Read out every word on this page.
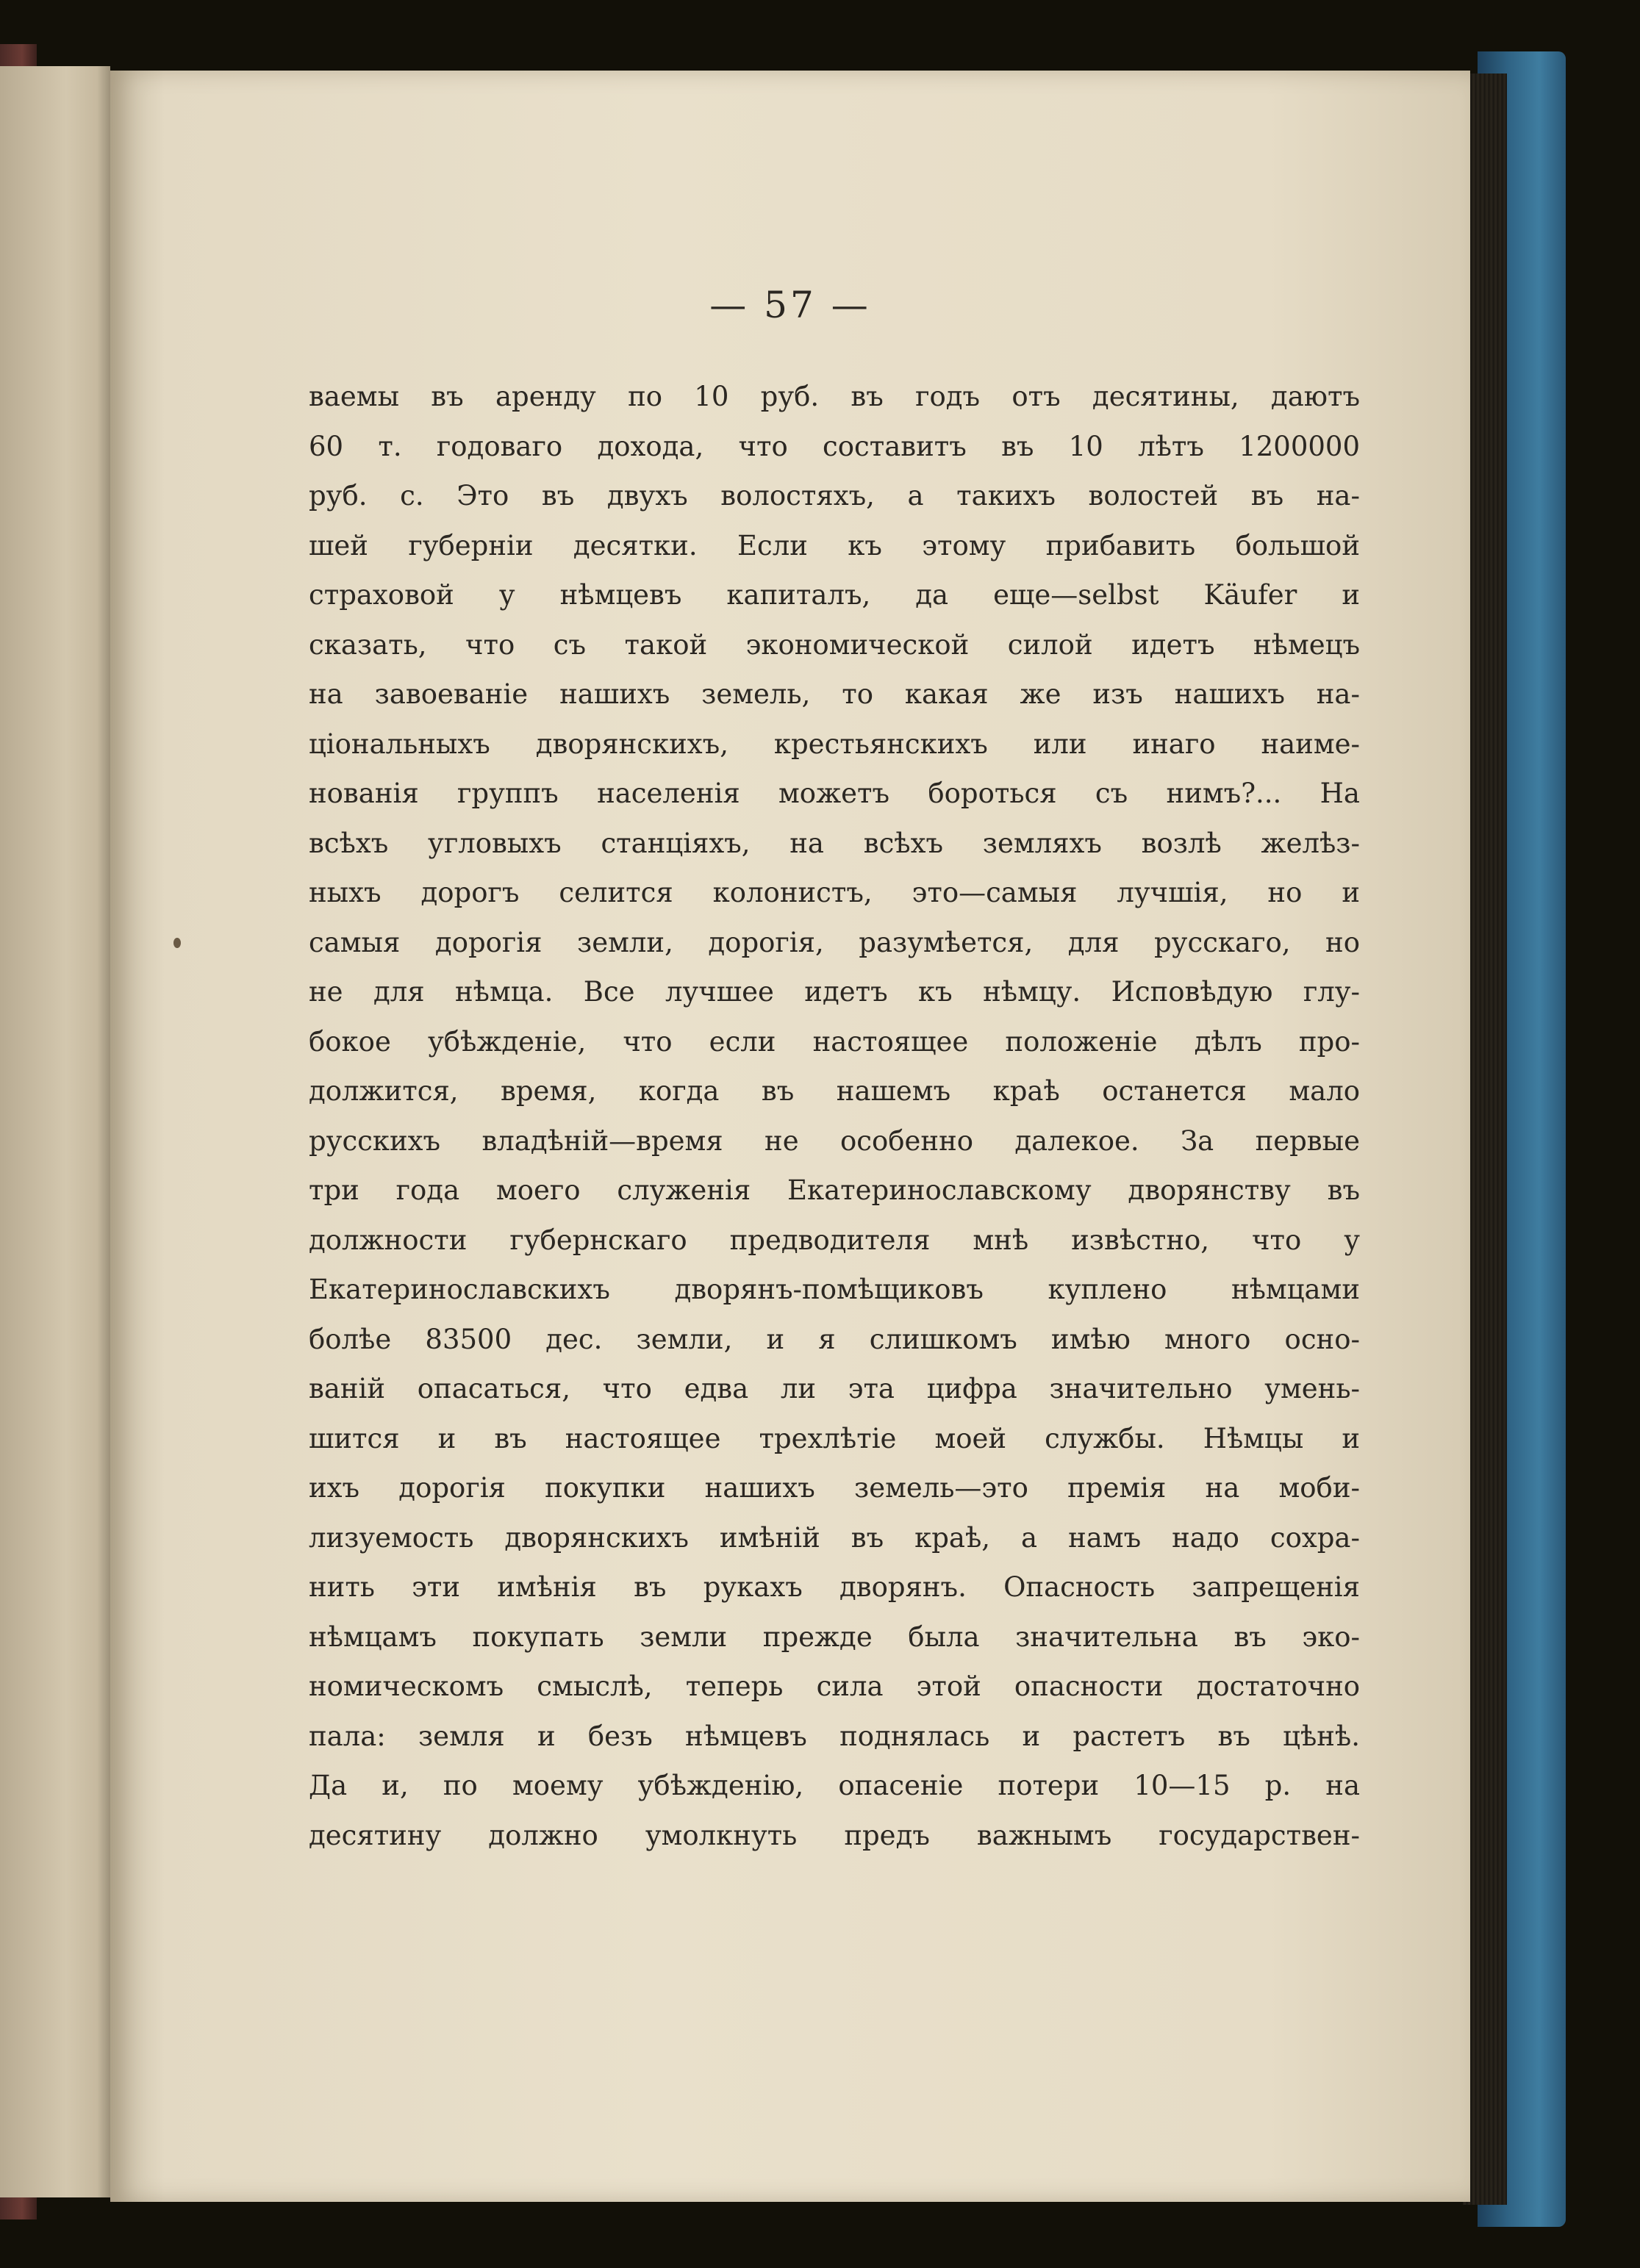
— 57 —
ваемы въ аренду по 10 руб. въ годъ отъ десятины, даютъ
60 т. годоваго дохода, что составитъ въ 10 лѣтъ 1200000
руб. с. Это въ двухъ волостяхъ, а такихъ волостей въ на-
шей губерніи десятки. Если къ этому прибавить большой
страховой у нѣмцевъ капиталъ, да еще—selbst Käufer и
сказать, что съ такой экономической силой идетъ нѣмецъ
на завоеваніе нашихъ земель, то какая же изъ нашихъ на-
ціональныхъ дворянскихъ, крестьянскихъ или инаго наиме-
нованія группъ населенія можетъ бороться съ нимъ?... На
всѣхъ угловыхъ станціяхъ, на всѣхъ земляхъ возлѣ желѣз-
ныхъ дорогъ селится колонистъ, это—самыя лучшія, но и
самыя дорогія земли, дорогія, разумѣется, для русскаго, но
не для нѣмца. Все лучшее идетъ къ нѣмцу. Исповѣдую глу-
бокое убѣжденіе, что если настоящее положеніе дѣлъ про-
должится, время, когда въ нашемъ краѣ останется мало
русскихъ владѣній—время не особенно далекое. За первые
три года моего служенія Екатеринославскому дворянству въ
должности губернскаго предводителя мнѣ извѣстно, что у
Екатеринославскихъ дворянъ-помѣщиковъ куплено нѣмцами
болѣе 83500 дес. земли, и я слишкомъ имѣю много осно-
ваній опасаться, что едва ли эта цифра значительно умень-
шится и въ настоящее трехлѣтіе моей службы. Нѣмцы и
ихъ дорогія покупки нашихъ земель—это премія на моби-
лизуемость дворянскихъ имѣній въ краѣ, а намъ надо сохра-
нить эти имѣнія въ рукахъ дворянъ. Опасность запрещенія
нѣмцамъ покупать земли прежде была значительна въ эко-
номическомъ смыслѣ, теперь сила этой опасности достаточно
пала: земля и безъ нѣмцевъ поднялась и растетъ въ цѣнѣ.
Да и, по моему убѣжденію, опасеніе потери 10—15 р. на
десятину должно умолкнуть предъ важнымъ государствен-
